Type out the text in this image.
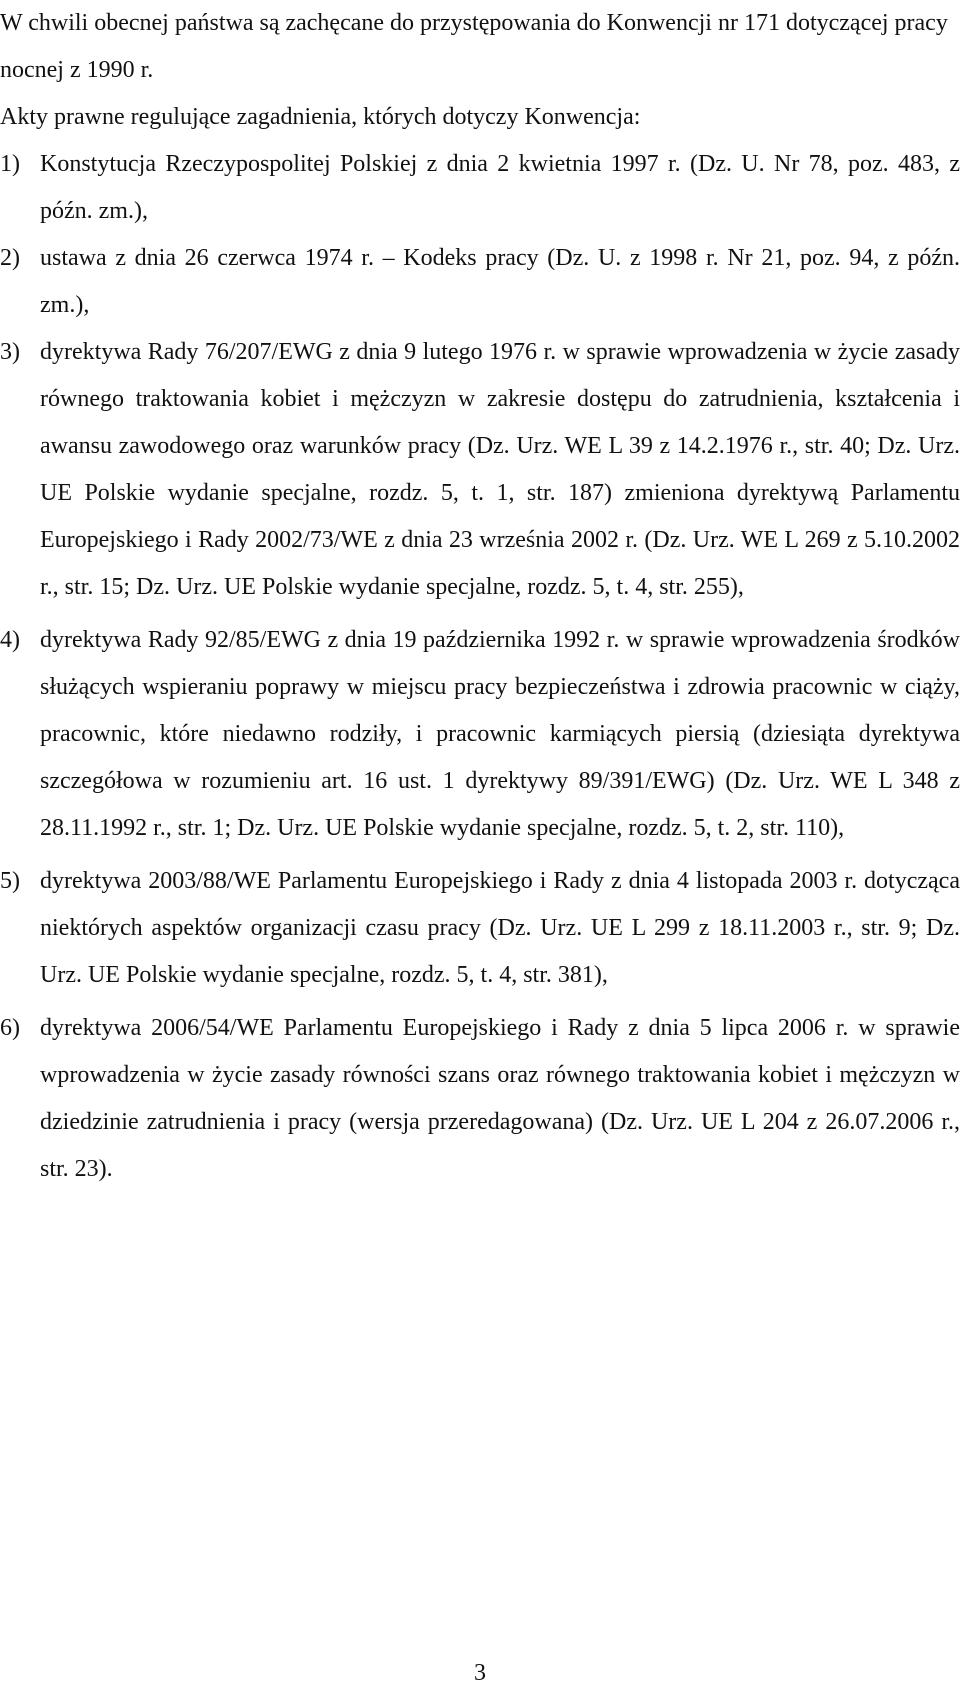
W chwili obecnej państwa są zachęcane do przystępowania do Konwencji nr 171 dotyczącej pracy nocnej z 1990 r.

Akty prawne regulujące zagadnienia, których dotyczy Konwencja:

1) Konstytucja Rzeczypospolitej Polskiej z dnia 2 kwietnia 1997 r. (Dz. U. Nr 78, poz. 483, z późn. zm.),
2) ustawa z dnia 26 czerwca 1974 r. – Kodeks pracy (Dz. U. z 1998 r. Nr 21, poz. 94, z późn. zm.),
3) dyrektywa Rady 76/207/EWG z dnia 9 lutego 1976 r. w sprawie wprowadzenia w życie zasady równego traktowania kobiet i mężczyzn w zakresie dostępu do zatrudnienia, kształcenia i awansu zawodowego oraz warunków pracy (Dz. Urz. WE L 39 z 14.2.1976 r., str. 40; Dz. Urz. UE Polskie wydanie specjalne, rozdz. 5, t. 1, str. 187) zmieniona dyrektywą Parlamentu Europejskiego i Rady 2002/73/WE z dnia 23 września 2002 r. (Dz. Urz. WE L 269 z 5.10.2002 r., str. 15; Dz. Urz. UE Polskie wydanie specjalne, rozdz. 5, t. 4, str. 255),
4) dyrektywa Rady 92/85/EWG z dnia 19 października 1992 r. w sprawie wprowadzenia środków służących wspieraniu poprawy w miejscu pracy bezpieczeństwa i zdrowia pracownic w ciąży, pracownic, które niedawno rodziły, i pracownic karmiących piersią (dziesiąta dyrektywa szczegółowa w rozumieniu art. 16 ust. 1 dyrektywy 89/391/EWG) (Dz. Urz. WE L 348 z 28.11.1992 r., str. 1; Dz. Urz. UE Polskie wydanie specjalne, rozdz. 5, t. 2, str. 110),
5) dyrektywa 2003/88/WE Parlamentu Europejskiego i Rady z dnia 4 listopada 2003 r. dotycząca niektórych aspektów organizacji czasu pracy (Dz. Urz. UE L 299 z 18.11.2003 r., str. 9; Dz. Urz. UE Polskie wydanie specjalne, rozdz. 5, t. 4, str. 381),
6) dyrektywa 2006/54/WE Parlamentu Europejskiego i Rady z dnia 5 lipca 2006 r. w sprawie wprowadzenia w życie zasady równości szans oraz równego traktowania kobiet i mężczyzn w dziedzinie zatrudnienia i pracy (wersja przeredagowana) (Dz. Urz. UE L 204 z 26.07.2006 r., str. 23).
3
